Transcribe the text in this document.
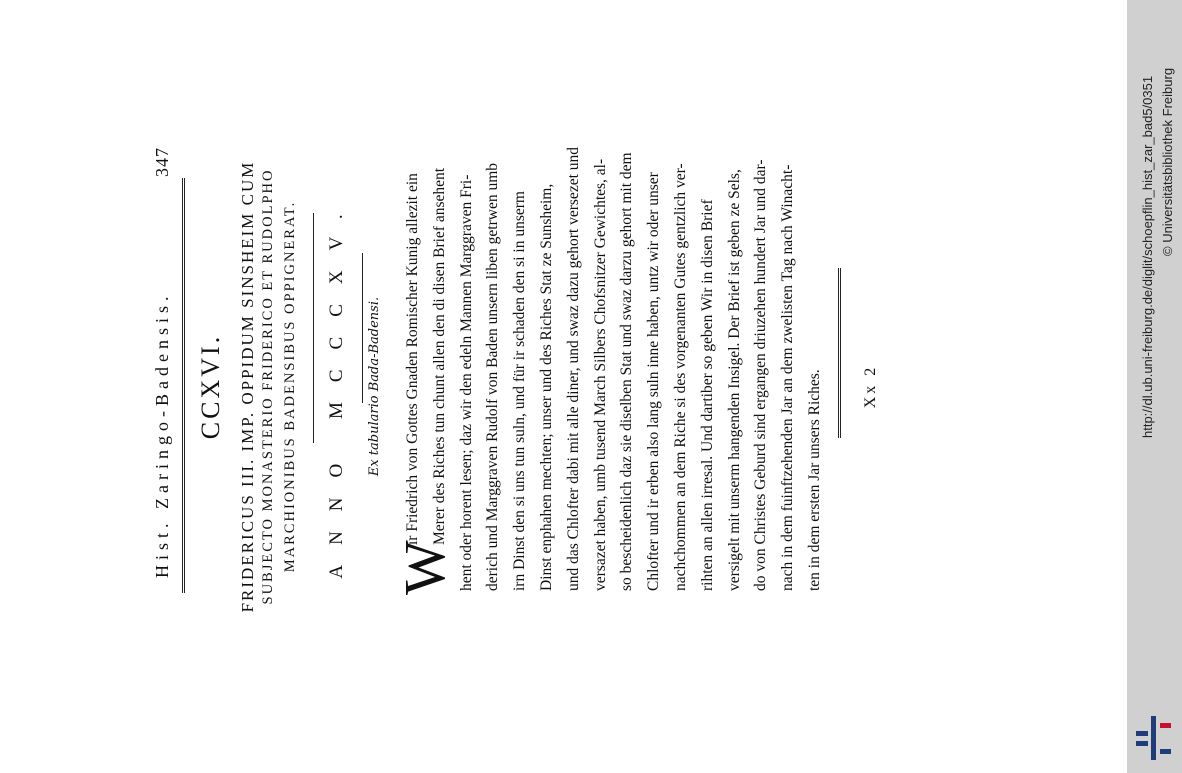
Hist. Zaringo-Badensis.
347
CCXVI. FRIDERICUS III. IMP. OPPIDUM SINSHEIM CUM SUBJECTO MONASTERIO FRIDERICO ET RUDOLPHO MARCHIONIBUS BADENSIBUS OPPIGNERAT. ANNO MCCCXV. Ex tabulario Bada-Badensi.
W
ir Friedrich von Gottes Gnaden Romischer Kunig allezit ein Merer des Riches tun chunt allen den di disen Brief ansehent hent oder horent lesen; daz wir den edeln Mannen Marggraven Fri- derich und Marggraven Rudolf von Baden unsern liben getrwen umb irn Dinst den si uns tun suln, und für ir schaden den si in unserm Dinst enphahen mechten; unser und des Riches Stat ze Sunsheim, und das Chlofter dabi mit alle diner, und swaz dazu gehort versezet und versazet haben, umb tusend March Silbers Chofsnitzer Gewichtes, al- so bescheidenlich daz sie diselben Stat und swaz darzu gehort mit dem Chlofter und ir erben also lang suln inne haben, untz wir oder unser nachchommen an dem Riche si des vorgenanten Gutes gentzlich ver- rihten an allen irresal. Und dartiber so geben Wir in disen Brief versigelt mit unserm hangenden Insigel. Der Brief ist geben ze Sels, do von Christes Geburd sind ergangen driuzehen hundert Jar und dar- nach in dem fuinftzehenden Jar an dem zwelisten Tag nach Winacht- ten in dem ersten Jar unsers Riches. Xx 2	http://dl.ub.uni-freiburg.de/diglit/schoepflin_hist_zar_bad5/0351 © Universitätsbibliothek Freiburg
